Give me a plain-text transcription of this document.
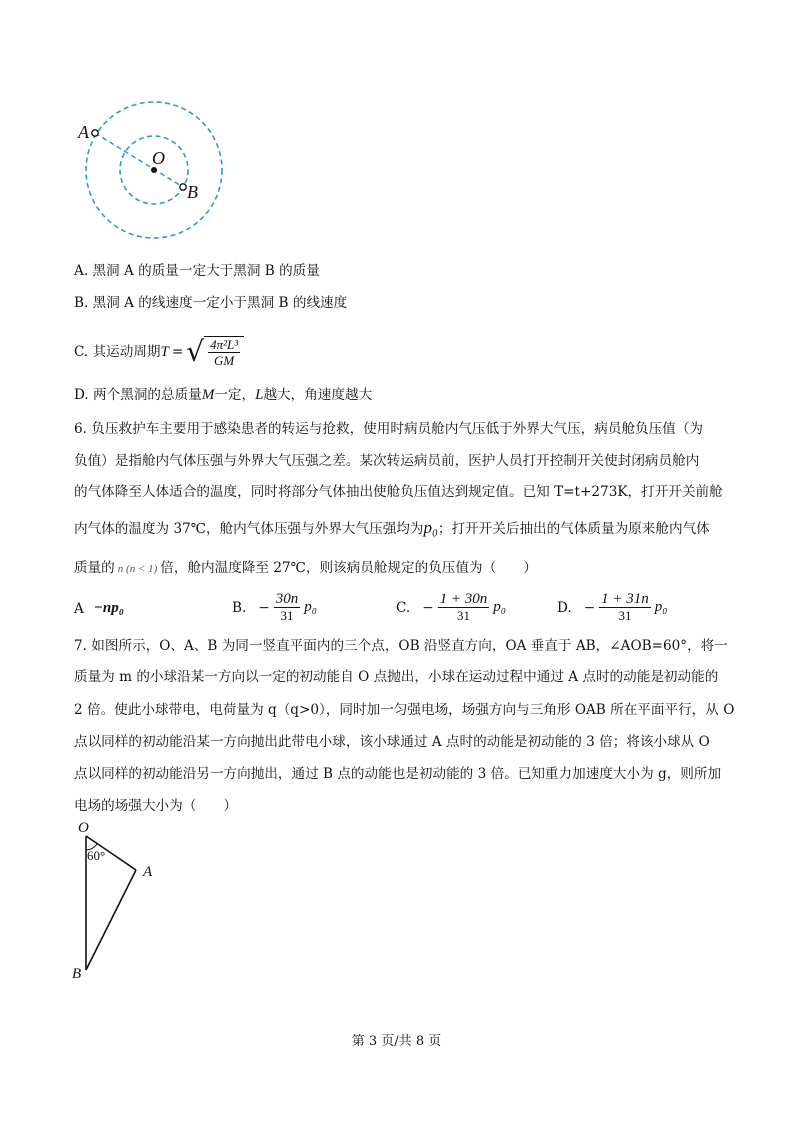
A
O
B
A. 黑洞 A 的质量一定大于黑洞 B 的质量
B. 黑洞 A 的线速度一定小于黑洞 B 的线速度
C. 其运动周期 T = √ $\frac{\text{4π²L³}}{GM}$
D. 两个黑洞的总质量M一定，L越大，角速度越大
6. 负压救护车主要用于感染患者的转运与抢救，使用时病员舱内气压低于外界大气压，病员舱负压值（为
负值）是指舱内气体压强与外界大气压强之差。某次转运病员前，医护人员打开控制开关使封闭病员舱内
的气体降至人体适合的温度，同时将部分气体抽出使舱负压值达到规定值。已知 T=t+273K，打开开关前舱
内气体的温度为 37℃，舱内气体压强与外界大气压强均为p₀；打开开关后抽出的气体质量为原来舱内气体
质量的 n (n < 1) 倍，舱内温度降至 27℃，则该病员舱规定的负压值为（　　）
A −np₀	B. − $\frac{30n}{31} p_0$	C. − $\frac{1 + 30n}{31} p_0$	D. − $\frac{1 + 31n}{31} p_0$
7. 如图所示，O、A、B 为同一竖直平面内的三个点，OB 沿竖直方向，OA 垂直于 AB，∠AOB=60°，将一
质量为 m 的小球沿某一方向以一定的初动能自 O 点抛出，小球在运动过程中通过 A 点时的动能是初动能的
2 倍。使此小球带电，电荷量为 q（q>0），同时加一匀强电场，场强方向与三角形 OAB 所在平面平行，从 O
点以同样的初动能沿某一方向抛出此带电小球，该小球通过 A 点时的动能是初动能的 3 倍；将该小球从 O
点以同样的初动能沿另一方向抛出，通过 B 点的动能也是初动能的 3 倍。已知重力加速度大小为 g，则所加
电场的场强大小为（　　）
O
60°
A
B
第 3 页/共 8 页
